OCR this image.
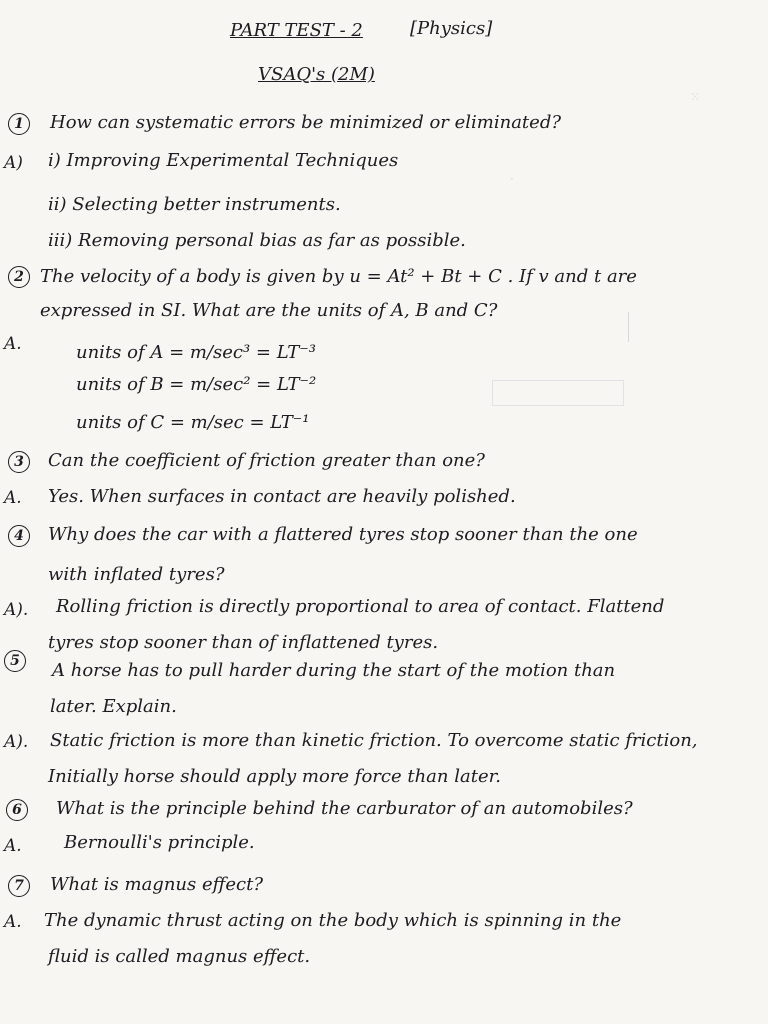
PART TEST - 2	[Physics]
VSAQ's (2M)
⁙
·
1	How can systematic errors be minimized or eliminated?
A) i) Improving Experimental Techniques
ii) Selecting better instruments.
iii) Removing personal bias as far as possible.
2 The velocity of a body is given by u = At² + Bt + C . If v and t are
expressed in SI. What are the units of A, B and C?
A.	units of A = m/sec³ = LT⁻³
units of B = m/sec² = LT⁻²
units of C = m/sec = LT⁻¹
3	Can the coefficient of friction greater than one?
A. Yes. When surfaces in contact are heavily polished.
4	Why does the car with a flattered tyres stop sooner than the one
with inflated tyres?
A). Rolling friction is directly proportional to area of contact. Flattend
tyres stop sooner than of inflattened tyres.
5	A horse has to pull harder during the start of the motion than
later. Explain.
A). Static friction is more than kinetic friction. To overcome static friction,
Initially horse should apply more force than later.
6	What is the principle behind the carburator of an automobiles?
A. Bernoulli's principle.
7	What is magnus effect?
A. The dynamic thrust acting on the body which is spinning in the
fluid is called magnus effect.
